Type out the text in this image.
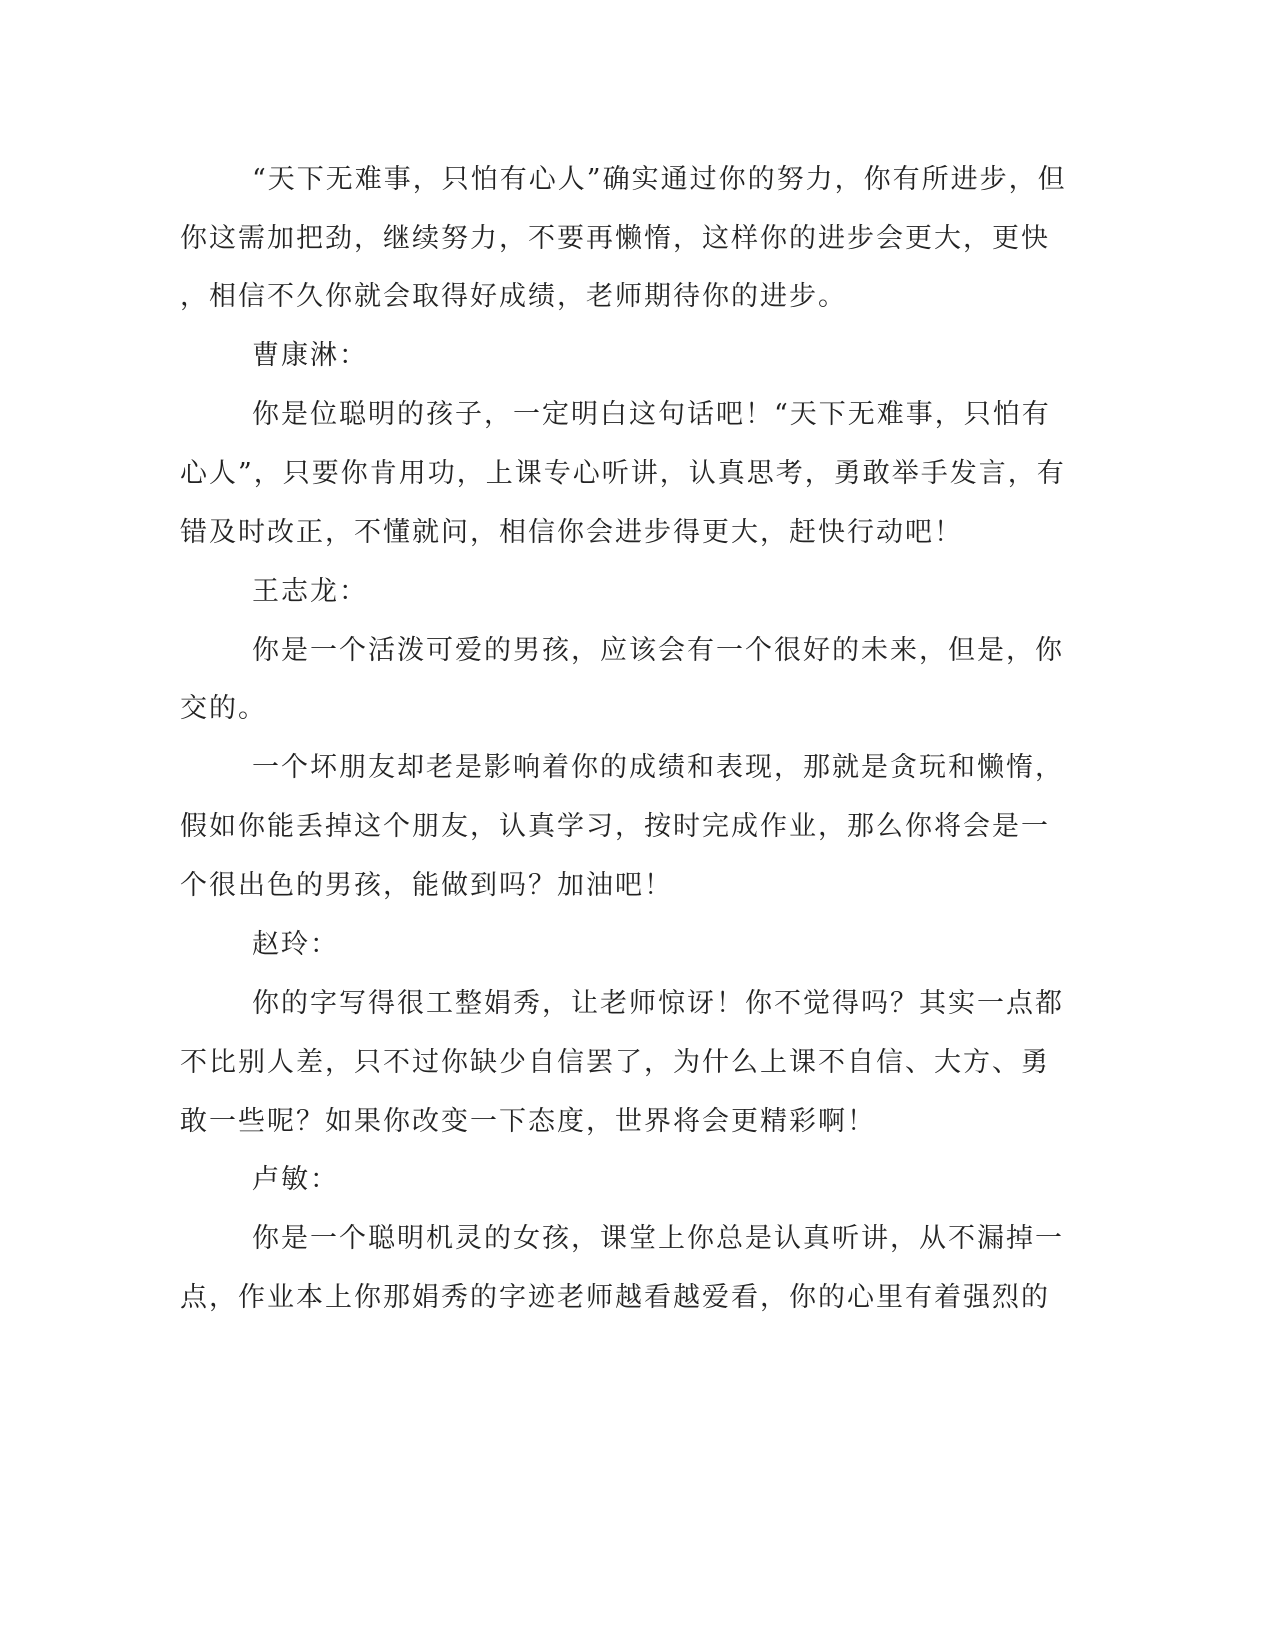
“天下无难事，只怕有心人”确实通过你的努力，你有所进步，但
你这需加把劲，继续努力，不要再懒惰，这样你的进步会更大，更快
，相信不久你就会取得好成绩，老师期待你的进步。
曹康淋：
你是位聪明的孩子，一定明白这句话吧！“天下无难事，只怕有
心人”，只要你肯用功，上课专心听讲，认真思考，勇敢举手发言，有
错及时改正，不懂就问，相信你会进步得更大，赶快行动吧！
王志龙：
你是一个活泼可爱的男孩，应该会有一个很好的未来，但是，你
交的。
一个坏朋友却老是影响着你的成绩和表现，那就是贪玩和懒惰，
假如你能丢掉这个朋友，认真学习，按时完成作业，那么你将会是一
个很出色的男孩，能做到吗？加油吧！
赵玲：
你的字写得很工整娟秀，让老师惊讶！你不觉得吗？其实一点都
不比别人差，只不过你缺少自信罢了，为什么上课不自信、大方、勇
敢一些呢？如果你改变一下态度，世界将会更精彩啊！
卢敏：
你是一个聪明机灵的女孩，课堂上你总是认真听讲，从不漏掉一
点，作业本上你那娟秀的字迹老师越看越爱看，你的心里有着强烈的
